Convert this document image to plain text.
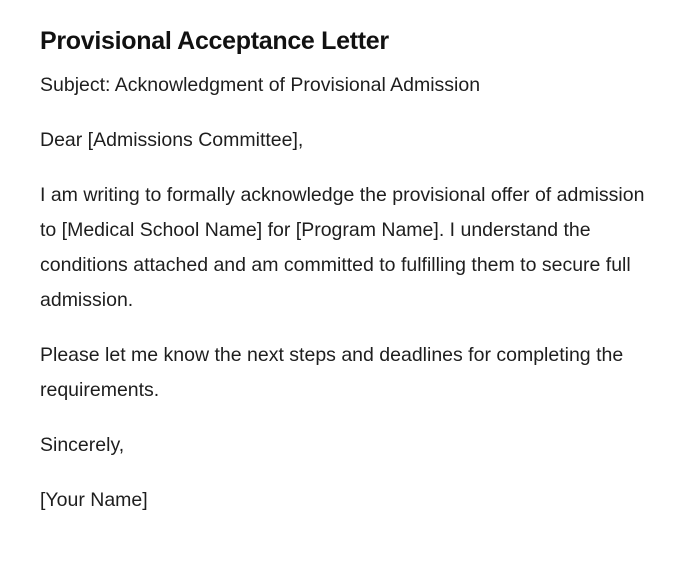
Provisional Acceptance Letter

Subject: Acknowledgment of Provisional Admission

Dear [Admissions Committee],

I am writing to formally acknowledge the provisional offer of admission to [Medical School Name] for [Program Name]. I understand the conditions attached and am committed to fulfilling them to secure full admission.

Please let me know the next steps and deadlines for completing the requirements.

Sincerely,

[Your Name]
